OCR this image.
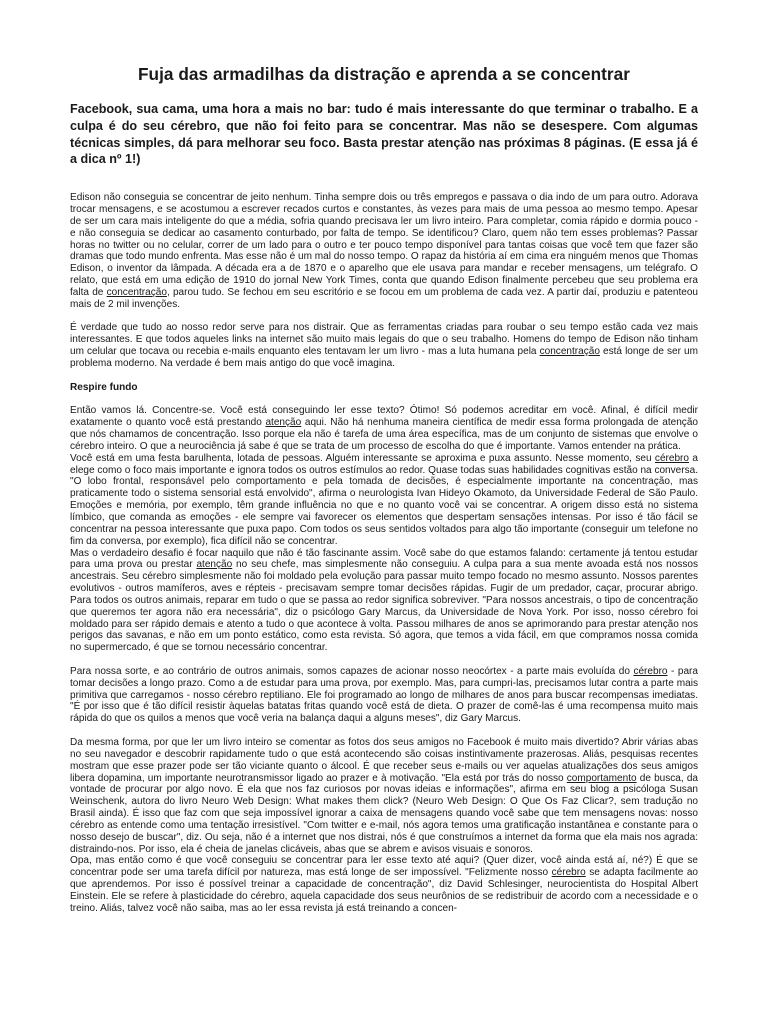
Fuja das armadilhas da distração e aprenda a se concentrar

Facebook, sua cama, uma hora a mais no bar: tudo é mais interessante do que terminar o trabalho. E a culpa é do seu cérebro, que não foi feito para se concentrar. Mas não se desespere. Com algumas técnicas simples, dá para melhorar seu foco. Basta prestar atenção nas próximas 8 páginas. (E essa já é a dica nº 1!)

Edison não conseguia se concentrar de jeito nenhum. Tinha sempre dois ou três empregos e passava o dia indo de um para outro. Adorava trocar mensagens, e se acostumou a escrever recados curtos e constantes, às vezes para mais de uma pessoa ao mesmo tempo. Apesar de ser um cara mais inteligente do que a média, sofria quando precisava ler um livro inteiro. Para completar, comia rápido e dormia pouco - e não conseguia se dedicar ao casamento conturbado, por falta de tempo. Se identificou? Claro, quem não tem esses problemas? Passar horas no twitter ou no celular, correr de um lado para o outro e ter pouco tempo disponível para tantas coisas que você tem que fazer são dramas que todo mundo enfrenta. Mas esse não é um mal do nosso tempo. O rapaz da história aí em cima era ninguém menos que Thomas Edison, o inventor da lâmpada. A década era a de 1870 e o aparelho que ele usava para mandar e receber mensagens, um telégrafo. O relato, que está em uma edição de 1910 do jornal New York Times, conta que quando Edison finalmente percebeu que seu problema era falta de concentração, parou tudo. Se fechou em seu escritório e se focou em um problema de cada vez. A partir daí, produziu e patenteou mais de 2 mil invenções.

É verdade que tudo ao nosso redor serve para nos distrair. Que as ferramentas criadas para roubar o seu tempo estão cada vez mais interessantes. E que todos aqueles links na internet são muito mais legais do que o seu trabalho. Homens do tempo de Edison não tinham um celular que tocava ou recebia e-mails enquanto eles tentavam ler um livro - mas a luta humana pela concentração está longe de ser um problema moderno. Na verdade é bem mais antigo do que você imagina.

Respire fundo

Então vamos lá. Concentre-se. Você está conseguindo ler esse texto? Ótimo! Só podemos acreditar em você. Afinal, é difícil medir exatamente o quanto você está prestando atenção aqui. Não há nenhuma maneira científica de medir essa forma prolongada de atenção que nós chamamos de concentração. Isso porque ela não é tarefa de uma área específica, mas de um conjunto de sistemas que envolve o cérebro inteiro. O que a neurociência já sabe é que se trata de um processo de escolha do que é importante. Vamos entender na prática.

Você está em uma festa barulhenta, lotada de pessoas. Alguém interessante se aproxima e puxa assunto. Nesse momento, seu cérebro a elege como o foco mais importante e ignora todos os outros estímulos ao redor. Quase todas suas habilidades cognitivas estão na conversa. "O lobo frontal, responsável pelo comportamento e pela tomada de decisões, é especialmente importante na concentração, mas praticamente todo o sistema sensorial está envolvido", afirma o neurologista Ivan Hideyo Okamoto, da Universidade Federal de São Paulo. Emoções e memória, por exemplo, têm grande influência no que e no quanto você vai se concentrar. A origem disso está no sistema límbico, que comanda as emoções - ele sempre vai favorecer os elementos que despertam sensações intensas. Por isso é tão fácil se concentrar na pessoa interessante que puxa papo. Com todos os seus sentidos voltados para algo tão importante (conseguir um telefone no fim da conversa, por exemplo), fica difícil não se concentrar.

Mas o verdadeiro desafio é focar naquilo que não é tão fascinante assim. Você sabe do que estamos falando: certamente já tentou estudar para uma prova ou prestar atenção no seu chefe, mas simplesmente não conseguiu. A culpa para a sua mente avoada está nos nossos ancestrais. Seu cérebro simplesmente não foi moldado pela evolução para passar muito tempo focado no mesmo assunto. Nossos parentes evolutivos - outros mamíferos, aves e répteis - precisavam sempre tomar decisões rápidas. Fugir de um predador, caçar, procurar abrigo. Para todos os outros animais, reparar em tudo o que se passa ao redor significa sobreviver. "Para nossos ancestrais, o tipo de concentração que queremos ter agora não era necessária", diz o psicólogo Gary Marcus, da Universidade de Nova York. Por isso, nosso cérebro foi moldado para ser rápido demais e atento a tudo o que acontece à volta. Passou milhares de anos se aprimorando para prestar atenção nos perigos das savanas, e não em um ponto estático, como esta revista. Só agora, que temos a vida fácil, em que compramos nossa comida no supermercado, é que se tornou necessário concentrar.

Para nossa sorte, e ao contrário de outros animais, somos capazes de acionar nosso neocórtex - a parte mais evoluída do cérebro - para tomar decisões a longo prazo. Como a de estudar para uma prova, por exemplo. Mas, para cumpri-las, precisamos lutar contra a parte mais primitiva que carregamos - nosso cérebro reptiliano. Ele foi programado ao longo de milhares de anos para buscar recompensas imediatas. "É por isso que é tão difícil resistir àquelas batatas fritas quando você está de dieta. O prazer de comê-las é uma recompensa muito mais rápida do que os quilos a menos que você veria na balança daqui a alguns meses", diz Gary Marcus.

Da mesma forma, por que ler um livro inteiro se comentar as fotos dos seus amigos no Facebook é muito mais divertido? Abrir várias abas no seu navegador e descobrir rapidamente tudo o que está acontecendo são coisas instintivamente prazerosas. Aliás, pesquisas recentes mostram que esse prazer pode ser tão viciante quanto o álcool. É que receber seus e-mails ou ver aquelas atualizações dos seus amigos libera dopamina, um importante neurotransmissor ligado ao prazer e à motivação. "Ela está por trás do nosso comportamento de busca, da vontade de procurar por algo novo. É ela que nos faz curiosos por novas ideias e informações", afirma em seu blog a psicóloga Susan Weinschenk, autora do livro Neuro Web Design: What makes them click? (Neuro Web Design: O Que Os Faz Clicar?, sem tradução no Brasil ainda). É isso que faz com que seja impossível ignorar a caixa de mensagens quando você sabe que tem mensagens novas: nosso cérebro as entende como uma tentação irresistível. "Com twitter e e-mail, nós agora temos uma gratificação instantânea e constante para o nosso desejo de buscar", diz. Ou seja, não é a internet que nos distrai, nós é que construímos a internet da forma que ela mais nos agrada: distraindo-nos. Por isso, ela é cheia de janelas clicáveis, abas que se abrem e avisos visuais e sonoros.

Opa, mas então como é que você conseguiu se concentrar para ler esse texto até aqui? (Quer dizer, você ainda está aí, né?) É que se concentrar pode ser uma tarefa difícil por natureza, mas está longe de ser impossível. "Felizmente nosso cérebro se adapta facilmente ao que aprendemos. Por isso é possível treinar a capacidade de concentração", diz David Schlesinger, neurocientista do Hospital Albert Einstein. Ele se refere à plasticidade do cérebro, aquela capacidade dos seus neurônios de se redistribuir de acordo com a necessidade e o treino. Aliás, talvez você não saiba, mas ao ler essa revista já está treinando a concen-
